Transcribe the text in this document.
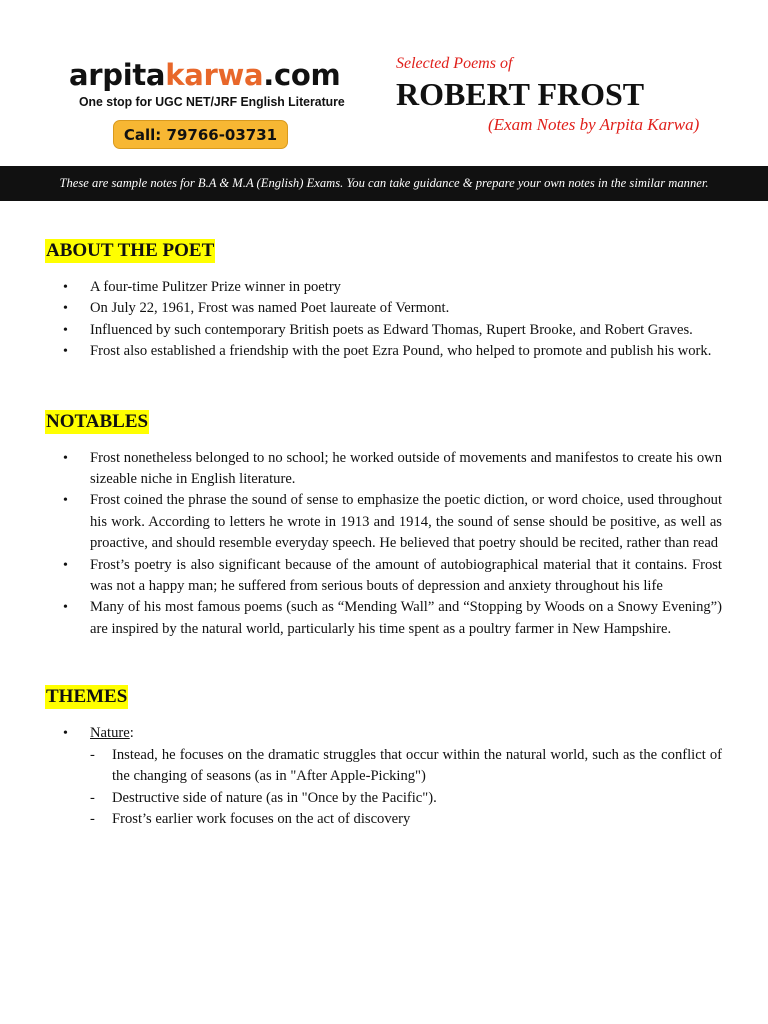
arpitakarwa.com
One stop for UGC NET/JRF English Literature
Call: 79766-03731
Selected Poems of
ROBERT FROST
(Exam Notes by Arpita Karwa)
These are sample notes for B.A & M.A (English) Exams. You can take guidance & prepare your own notes in the similar manner.
ABOUT THE POET
• A four-time Pulitzer Prize winner in poetry
• On July 22, 1961, Frost was named Poet laureate of Vermont.
• Influenced by such contemporary British poets as Edward Thomas, Rupert Brooke, and Robert Graves.
• Frost also established a friendship with the poet Ezra Pound, who helped to promote and publish his work.
NOTABLES
• Frost nonetheless belonged to no school; he worked outside of movements and manifestos to create his own sizeable niche in English literature.
• Frost coined the phrase the sound of sense to emphasize the poetic diction, or word choice, used throughout his work. According to letters he wrote in 1913 and 1914, the sound of sense should be positive, as well as proactive, and should resemble everyday speech. He believed that poetry should be recited, rather than read
• Frost’s poetry is also significant because of the amount of autobiographical material that it contains. Frost was not a happy man; he suffered from serious bouts of depression and anxiety throughout his life
• Many of his most famous poems (such as “Mending Wall” and “Stopping by Woods on a Snowy Evening”) are inspired by the natural world, particularly his time spent as a poultry farmer in New Hampshire.
THEMES
• Nature:
- Instead, he focuses on the dramatic struggles that occur within the natural world, such as the conflict of the changing of seasons (as in "After Apple-Picking")
- Destructive side of nature (as in "Once by the Pacific").
- Frost’s earlier work focuses on the act of discovery
